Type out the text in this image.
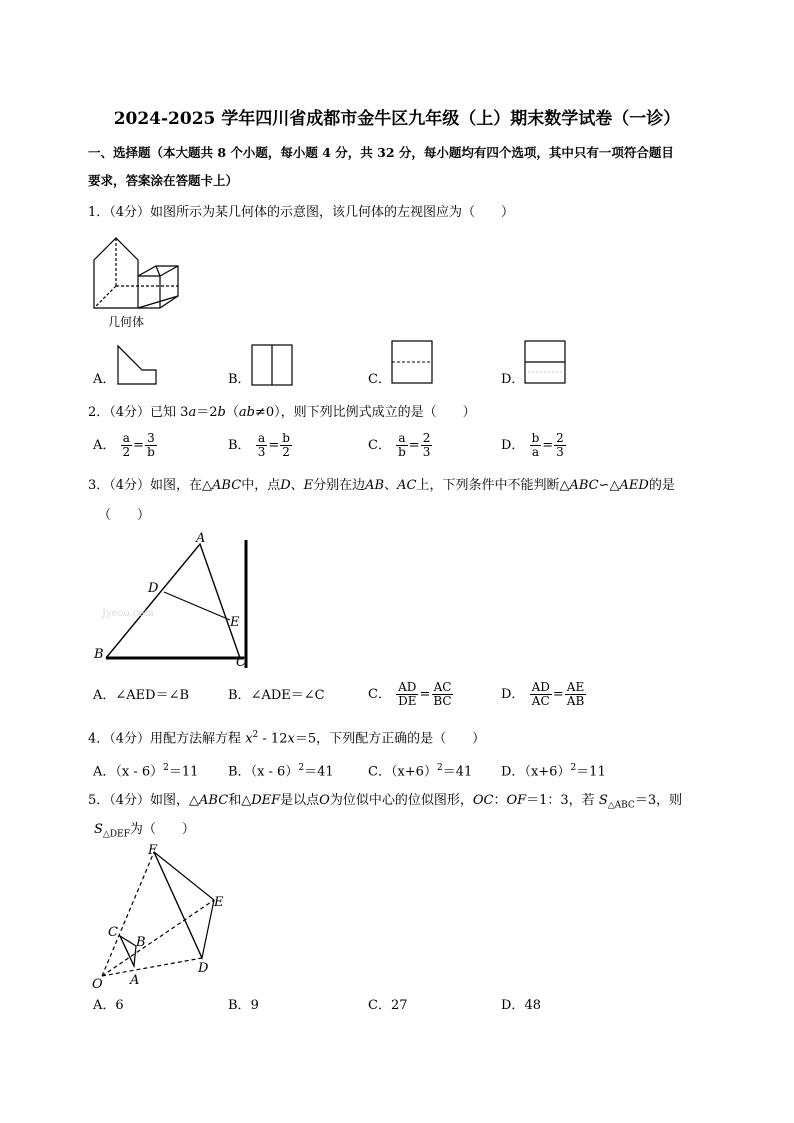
2024-2025 学年四川省成都市金牛区九年级（上）期末数学试卷（一诊）
一、选择题（本大题共 8 个小题，每小题 4 分，共 32 分，每小题均有四个选项，其中只有一项符合题目
要求，答案涂在答题卡上）
1．（4分）如图所示为某几何体的示意图，该几何体的左视图应为（　　）
几何体
A．	B．	C．	D．
2．（4分）已知 3a＝2b（ab≠0），则下列比例式成立的是（　　）
A． $\frac{a}{2} = \frac{3}{b}$	B． $\frac{a}{3} = \frac{b}{2}$	C． $\frac{a}{b} = \frac{2}{3}$	D． $\frac{b}{a} = \frac{2}{3}$
3．（4分）如图，在△ABC中，点D、E分别在边AB、AC上，下列条件中不能判断△ABC∽△AED的是
（　　）
Jyeoo.com
A
B
C
D
E
A．∠AED＝∠B	B．∠ADE＝∠C	C． $\frac{AD}{DE} = \frac{AC}{BC}$	D． $\frac{AD}{AC} = \frac{AE}{AB}$
4．（4分）用配方法解方程 $x^2 - 12x=5$，下列配方正确的是（　　）
A．（x - 6）$^2$＝11 B．（x - 6）$^2$＝41	C．$(x+6)^2=41$ D．$(x+6)^2=11$
5．（4分）如图，△ABC和△DEF是以点O为位似中心的位似图形，OC：OF＝1：3，若 $S_{\triangle ABC}=3$，则
$S_{\triangle DEF}$为（　　）
F
E
C
B
D
O A
A．6	B．9	C．27	D．48
